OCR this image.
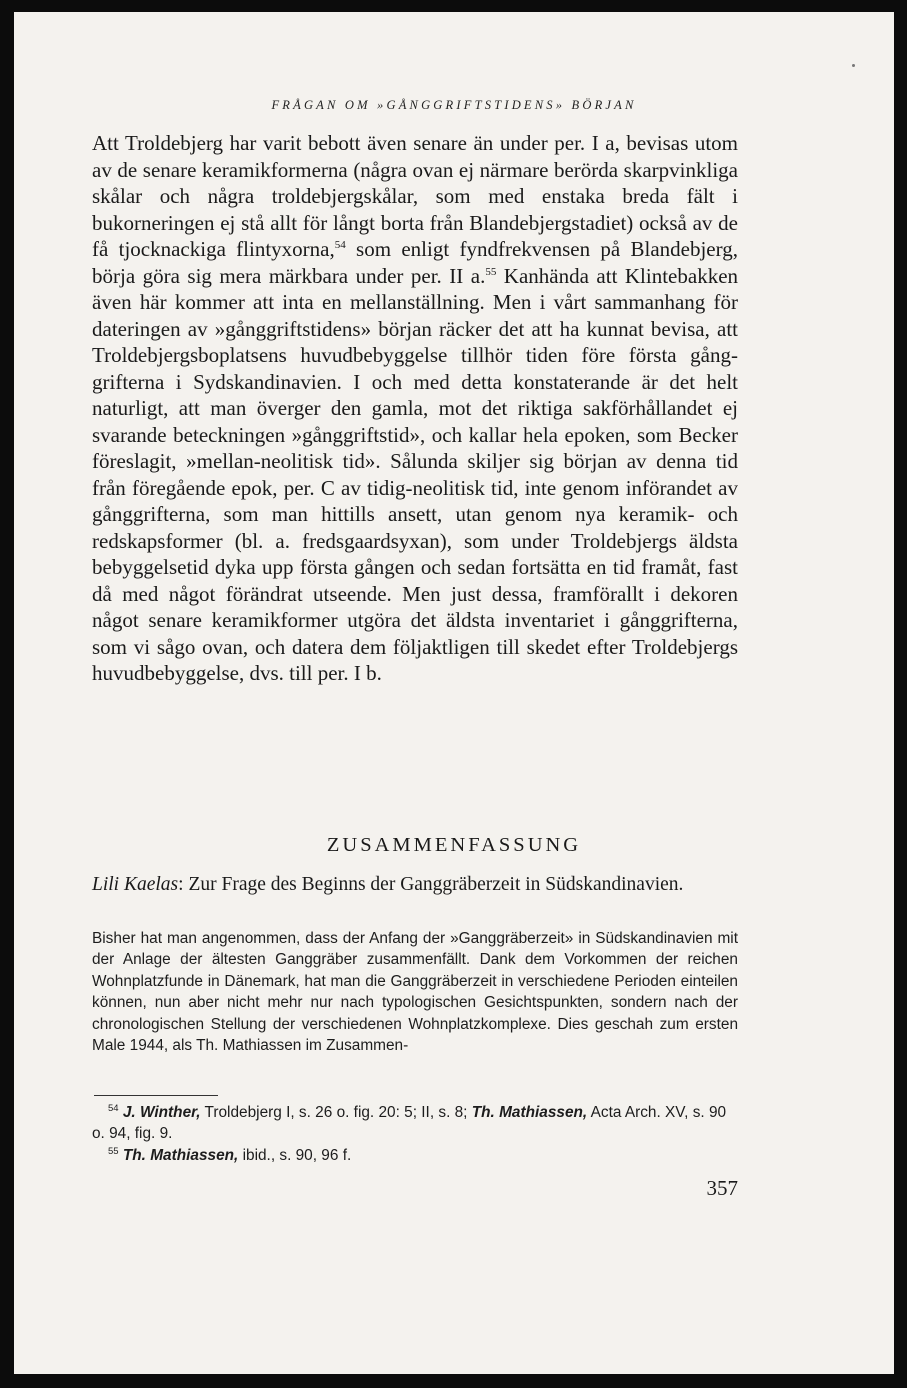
FRÅGAN OM »GÅNGGRIFTSTIDENS» BÖRJAN
Att Troldebjerg har varit bebott även senare än under per. I a, bevisas utom av de senare keramikformerna (några ovan ej närmare berörda skarpvinkliga skålar och några troldebjergskålar, som med enstaka breda fält i bukorneringen ej stå allt för långt borta från Blandebjergstadiet) också av de få tjocknackiga flintyxorna,$^{54}$ som enligt fyndfrekvensen på Blandebjerg, börja göra sig mera märkbara under per. II a.$^{55}$ Kanhända att Klintebakken även här kommer att inta en mellanställning. Men i vårt sammanhang för dateringen av »gånggriftstidens» början räcker det att ha kunnat bevisa, att Troldebjergsboplatsens huvudbebyggelse tillhör tiden före första gånggrifterna i Sydskandinavien. I och med detta konstaterande är det helt naturligt, att man överger den gamla, mot det riktiga sakförhållandet ej svarande beteckningen »gånggriftstid», och kallar hela epoken, som Becker föreslagit, »mellan-neolitisk tid». Sålunda skiljer sig början av denna tid från föregående epok, per. C av tidig-neolitisk tid, inte genom införandet av gånggrifterna, som man hittills ansett, utan genom nya keramik- och redskapsformer (bl. a. fredsgaardsyxan), som under Troldebjergs äldsta bebyggelsetid dyka upp första gången och sedan fortsätta en tid framåt, fast då med något förändrat utseende. Men just dessa, framförallt i dekoren något senare keramikformer utgöra det äldsta inventariet i gånggrifterna, som vi sågo ovan, och datera dem följaktligen till skedet efter Troldebjergs huvudbebyggelse, dvs. till per. I b.
ZUSAMMENFASSUNG
Lili Kaelas: Zur Frage des Beginns der Ganggräberzeit in Südskandinavien.
Bisher hat man angenommen, dass der Anfang der »Ganggräberzeit» in Südskandinavien mit der Anlage der ältesten Ganggräber zusammenfällt. Dank dem Vorkommen der reichen Wohnplatzfunde in Dänemark, hat man die Ganggräberzeit in verschiedene Perioden einteilen können, nun aber nicht mehr nur nach typologischen Gesichtspunkten, sondern nach der chronologischen Stellung der verschiedenen Wohnplatzkomplexe. Dies geschah zum ersten Male 1944, als Th. Mathiassen im Zusammen-

$^{54}$ J. Winther, Troldebjerg I, s. 26 o. fig. 20: 5; II, s. 8; Th. Mathiassen, Acta Arch. XV, s. 90 o. 94, fig. 9.

$^{55}$ Th. Mathiassen, ibid., s. 90, 96 f.

357
